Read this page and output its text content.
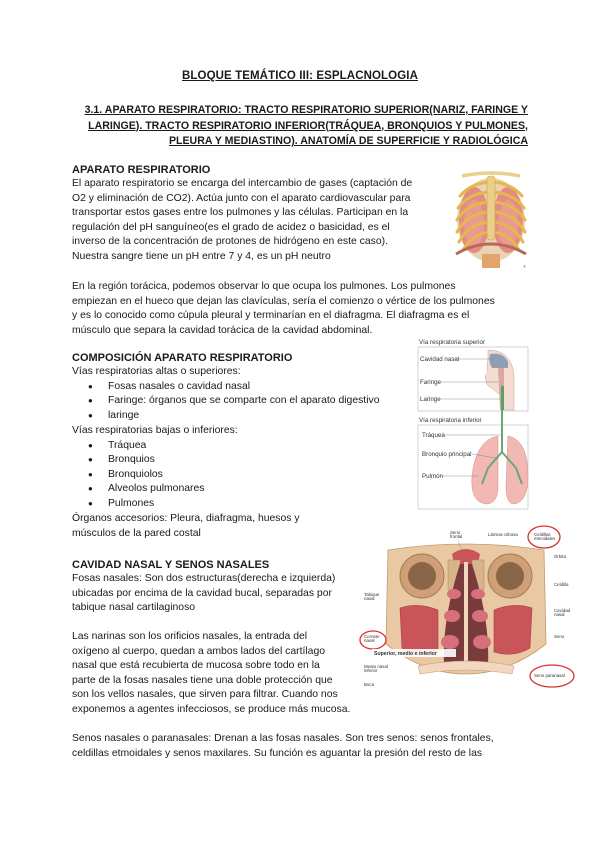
BLOQUE TEMÁTICO III: ESPLACNOLOGIA
3.1. APARATO RESPIRATORIO: TRACTO RESPIRATORIO SUPERIOR(NARIZ, FARINGE Y LARINGE). TRACTO RESPIRATORIO INFERIOR(TRÁQUEA, BRONQUIOS Y PULMONES, PLEURA Y MEDIASTINO). ANATOMÍA DE SUPERFICIE Y RADIOLÓGICA
APARATO RESPIRATORIO

El aparato respiratorio se encarga del intercambio de gases (captación de

O2 y eliminación de CO2). Actúa junto con el aparato cardiovascular para

transportar estos gases entre los pulmones y las células. Participan en la

regulación del pH sanguíneo(es el grado de acidez o basicidad, es el

inverso de la concentración de protones de hidrógeno en este caso).

Nuestra sangre tiene un pH entre 7 y 4, es un pH neutro

®

En la región torácica, podemos observar lo que ocupa los pulmones. Los pulmones

empiezan en el hueco que dejan las clavículas, sería el comienzo o vértice de los pulmones

y es lo conocido como cúpula pleural y terminarían en el diafragma. El diafragma es el

músculo que separa la cavidad torácica de la cavidad abdominal.

COMPOSICIÓN APARATO RESPIRATORIO

Vías respiratorias altas o superiores:

● Fosas nasales o cavidad nasal
● Faringe: órganos que se comparte con el aparato digestivo
● laringe

Vías respiratorias bajas o inferiores:

● Tráquea
● Bronquios
● Bronquiolos
● Alveolos pulmonares
● Pulmones

Órganos accesorios: Pleura, diafragma, huesos y

músculos de la pared costal

Vía respiratoria superior
Cavidad nasal
Faringe
Laringe
Vía respiratoria inferior
Tráquea
Bronquio principal
Pulmón
CAVIDAD NASAL Y SENOS NASALES

Fosas nasales: Son dos estructuras(derecha e izquierda)

ubicadas por encima de la cavidad bucal, separadas por

tabique nasal cartilaginoso

Las narinas son los orificios nasales, la entrada del

oxígeno al cuerpo, quedan a ambos lados del cartílago

nasal que está recubierta de mucosa sobre todo en la

parte de la fosas nasales tiene una doble protección que

son los vellos nasales, que sirven para filtrar. Cuando nos

exponemos a agentes infecciosos, se produce más mucosa.

Senos nasales o paranasales: Drenan a las fosas nasales. Son tres senos: senos frontales,

celdillas etmoidales y senos maxilares. Su función es aguantar la presión del resto de las

Seno
frontal	Lámina cribosa	Celdillas
etmoidales
Órbita
Celdilla
Cavidad
nasal
Seno
Tabique
nasal
Cornete
nasal
Superior, medio e inferior
Meato nasal
inferior
Boca
Seno paranasal
